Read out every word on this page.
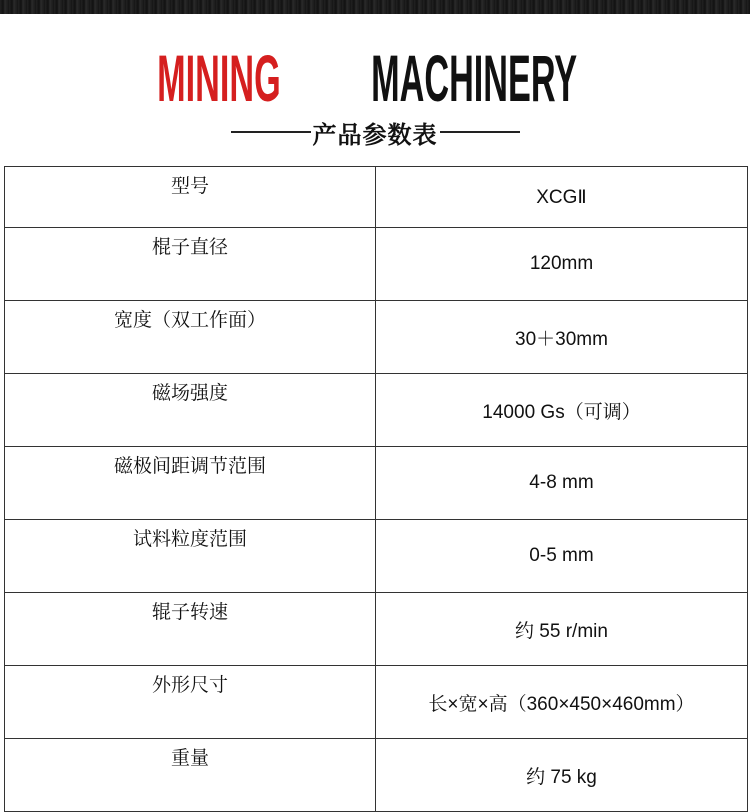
MINING MACHINERY
产品参数表
型号	XCGⅡ
棍子直径	120mm
宽度（双工作面）	30＋30mm
磁场强度	14000 Gs（可调）
磁极间距调节范围	4-8 mm
试料粒度范围	0-5 mm
辊子转速	约 55 r/min
外形尺寸	长×宽×高（360×450×460mm）
重量	约 75 kg
